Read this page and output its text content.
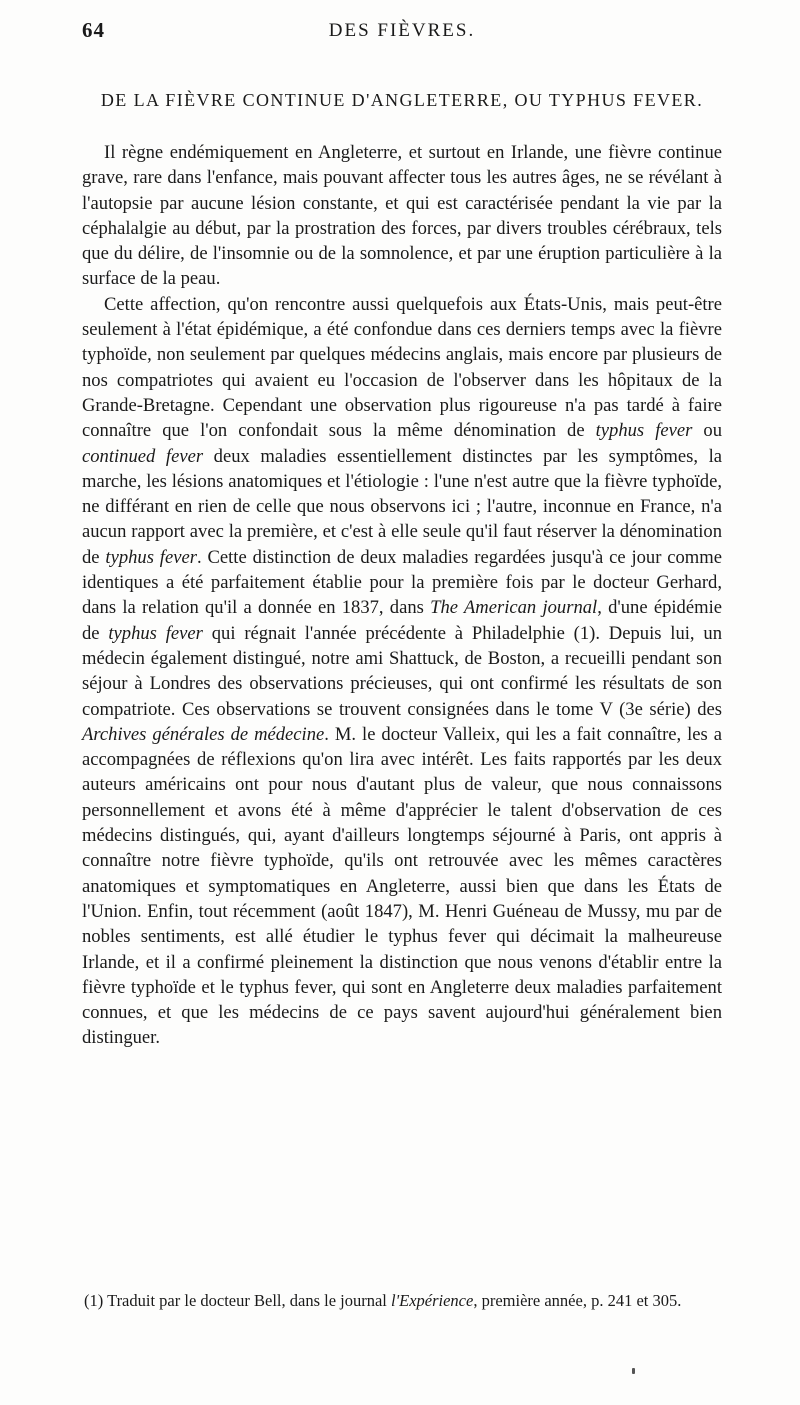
64	DES FIÈVRES.
DE LA FIÈVRE CONTINUE D'ANGLETERRE, OU TYPHUS FEVER.

Il règne endémiquement en Angleterre, et surtout en Irlande, une fièvre continue grave, rare dans l'enfance, mais pouvant affecter tous les autres âges, ne se révélant à l'autopsie par aucune lésion constante, et qui est caractérisée pendant la vie par la céphalalgie au début, par la prostration des forces, par divers troubles cérébraux, tels que du délire, de l'insomnie ou de la somnolence, et par une éruption particulière à la surface de la peau.

Cette affection, qu'on rencontre aussi quelquefois aux États-Unis, mais peut-être seulement à l'état épidémique, a été confondue dans ces derniers temps avec la fièvre typhoïde, non seulement par quelques médecins anglais, mais encore par plusieurs de nos compatriotes qui avaient eu l'occasion de l'observer dans les hôpitaux de la Grande-Bretagne. Cependant une observation plus rigoureuse n'a pas tardé à faire connaître que l'on confondait sous la même dénomination de typhus fever ou continued fever deux maladies essentiellement distinctes par les symptômes, la marche, les lésions anatomiques et l'étiologie : l'une n'est autre que la fièvre typhoïde, ne différant en rien de celle que nous observons ici ; l'autre, inconnue en France, n'a aucun rapport avec la première, et c'est à elle seule qu'il faut réserver la dénomination de typhus fever. Cette distinction de deux maladies regardées jusqu'à ce jour comme identiques a été parfaitement établie pour la première fois par le docteur Gerhard, dans la relation qu'il a donnée en 1837, dans The American journal, d'une épidémie de typhus fever qui régnait l'année précédente à Philadelphie (1). Depuis lui, un médecin également distingué, notre ami Shattuck, de Boston, a recueilli pendant son séjour à Londres des observations précieuses, qui ont confirmé les résultats de son compatriote. Ces observations se trouvent consignées dans le tome V (3e série) des Archives générales de médecine. M. le docteur Valleix, qui les a fait connaître, les a accompagnées de réflexions qu'on lira avec intérêt. Les faits rapportés par les deux auteurs américains ont pour nous d'autant plus de valeur, que nous connaissons personnellement et avons été à même d'apprécier le talent d'observation de ces médecins distingués, qui, ayant d'ailleurs longtemps séjourné à Paris, ont appris à connaître notre fièvre typhoïde, qu'ils ont retrouvée avec les mêmes caractères anatomiques et symptomatiques en Angleterre, aussi bien que dans les États de l'Union. Enfin, tout récemment (août 1847), M. Henri Guéneau de Mussy, mu par de nobles sentiments, est allé étudier le typhus fever qui décimait la malheureuse Irlande, et il a confirmé pleinement la distinction que nous venons d'établir entre la fièvre typhoïde et le typhus fever, qui sont en Angleterre deux maladies parfaitement connues, et que les médecins de ce pays savent aujourd'hui généralement bien distinguer.

(1) Traduit par le docteur Bell, dans le journal l'Expérience, première année, p. 241 et 305.
